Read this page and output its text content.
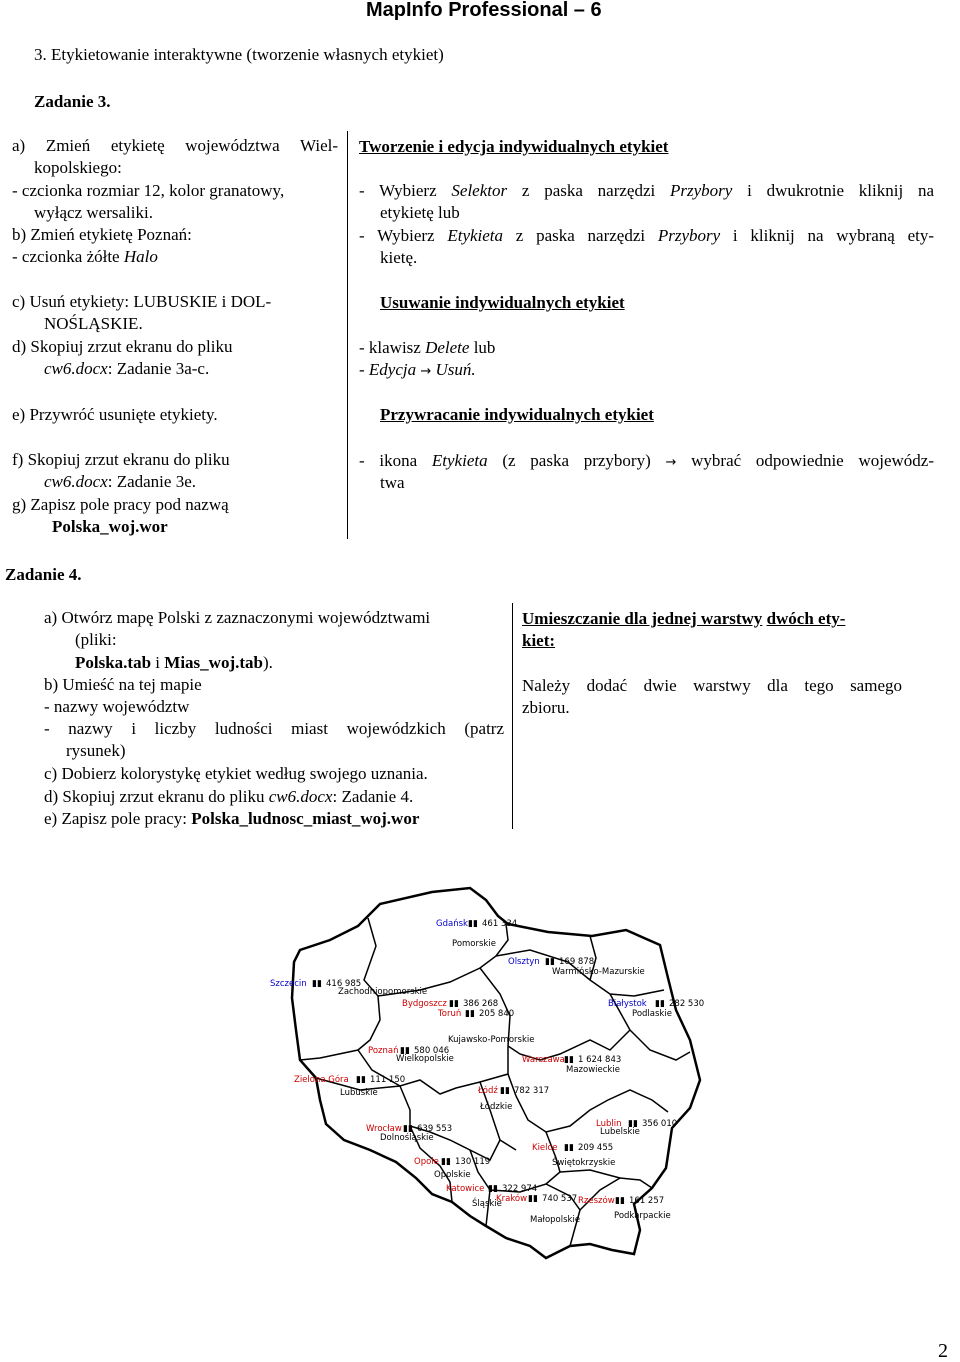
MapInfo Professional – 6
3. Etykietowanie interaktywne (tworzenie własnych etykiet)
Zadanie 3.
a) Zmień etykietę województwa Wiel-
kopolskiego:
- czcionka rozmiar 12, kolor granatowy,
wyłącz wersaliki.
b) Zmień etykietę Poznań:
- czcionka żółte Halo
c) Usuń etykiety: LUBUSKIE i DOL-
NOŚLĄSKIE.
d) Skopiuj zrzut ekranu do pliku
cw6.docx: Zadanie 3a-c.
e) Przywróć usunięte etykiety.
f) Skopiuj zrzut ekranu do pliku
cw6.docx: Zadanie 3e.
g) Zapisz pole pracy pod nazwą
Polska_woj.wor
Tworzenie i edycja indywidualnych etykiet
- Wybierz Selektor z paska narzędzi Przybory i dwukrotnie kliknij na
etykietę lub
- Wybierz Etykieta z paska narzędzi Przybory i kliknij na wybraną ety-
kietę.
Usuwanie indywidualnych etykiet
- klawisz Delete lub
- Edycja → Usuń.
Przywracanie indywidualnych etykiet
- ikona Etykieta (z paska przybory) → wybrać odpowiednie wojewódz-
twa
Zadanie 4.
a) Otwórz mapę Polski z zaznaczonymi województwami
(pliki:
Polska.tab i Mias_woj.tab).
b) Umieść na tej mapie
- nazwy województw
- nazwy i liczby ludności miast wojewódzkich (patrz
rysunek)
c) Dobierz kolorystykę etykiet według swojego uznania.
d) Skopiuj zrzut ekranu do pliku cw6.docx: Zadanie 4.
e) Zapisz pole pracy: Polska_ludnosc_miast_woj.wor
Umieszczanie dla jednej warstwy dwóch ety-
kiet:
Należy dodać dwie warstwy dla tego samego
zbioru.
Pomorskie
Zachodniopomorskie
Warmińsko-Mazurskie
Podlaskie
Kujawsko-Pomorskie
Wielkopolskie
Mazowieckie
Lubuskie
Łódzkie
Lubelskie
Dolnośląskie
Świętokrzyskie
Opolskie
Śląskie
Małopolskie	Podkarpackie
Gdańsk ▮▮ 461 334
Szczecin ▮▮ 416 985
Olsztyn ▮▮ 169 878
Białystok ▮▮ 282 530
Bydgoszcz ▮▮ 386 268
Toruń ▮▮ 205 840
Poznań ▮▮ 580 046
Warszawa ▮▮ 1 624 843
Zielona Góra ▮▮ 111 150
Łódź ▮▮ 782 317
Wrocław ▮▮ 639 553	Lublin ▮▮ 356 010
Kielce ▮▮ 209 455
Opole ▮▮ 130 119
Katowice ▮▮ 322 974
Kraków ▮▮ 740 537 Rzeszów ▮▮ 161 257
2
